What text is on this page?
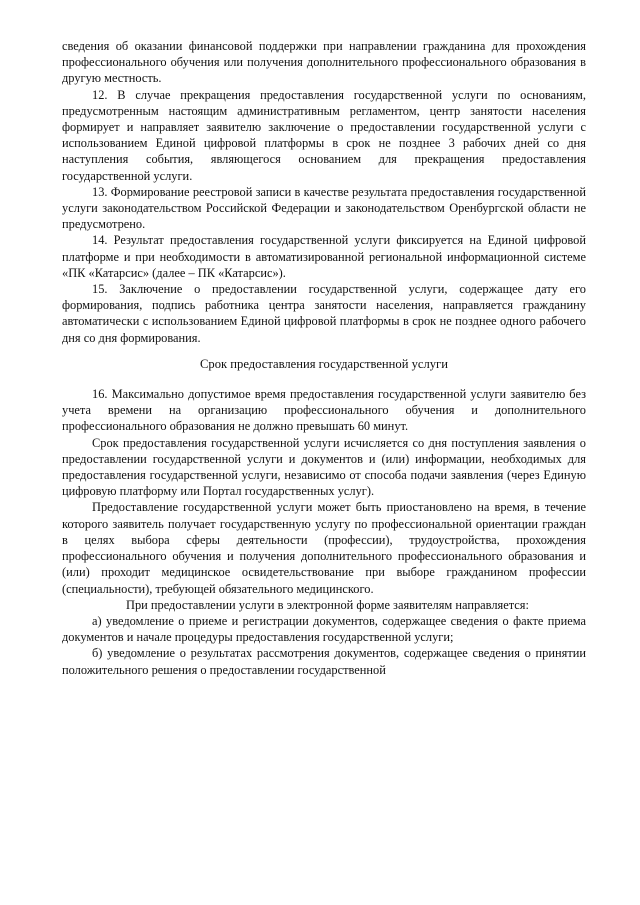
сведения об оказании финансовой поддержки при направлении гражданина для прохождения профессионального обучения или получения дополнительного профессионального образования в другую местность.

12. В случае прекращения предоставления государственной услуги по основаниям, предусмотренным настоящим административным регламентом, центр занятости населения формирует и направляет заявителю заключение о предоставлении государственной услуги с использованием Единой цифровой платформы в срок не позднее 3 рабочих дней со дня наступления события, являющегося основанием для прекращения предоставления государственной услуги.

13. Формирование реестровой записи в качестве результата предоставления государственной услуги законодательством Российской Федерации и законодательством Оренбургской области не предусмотрено.

14. Результат предоставления государственной услуги фиксируется на Единой цифровой платформе и при необходимости в автоматизированной региональной информационной системе «ПК «Катарсис» (далее – ПК «Катарсис»).

15. Заключение о предоставлении государственной услуги, содержащее дату его формирования, подпись работника центра занятости населения, направляется гражданину автоматически с использованием Единой цифровой платформы в срок не позднее одного рабочего дня со дня формирования.

Срок предоставления государственной услуги

16. Максимально допустимое время предоставления государственной услуги заявителю без учета времени на организацию профессионального обучения и дополнительного профессионального образования не должно превышать 60 минут.

Срок предоставления государственной услуги исчисляется со дня поступления заявления о предоставлении государственной услуги и документов и (или) информации, необходимых для предоставления государственной услуги, независимо от способа подачи заявления (через Единую цифровую платформу или Портал государственных услуг).

Предоставление государственной услуги может быть приостановлено на время, в течение которого заявитель получает государственную услугу по профессиональной ориентации граждан в целях выбора сферы деятельности (профессии), трудоустройства, прохождения профессионального обучения и получения дополнительного профессионального образования и (или) проходит медицинское освидетельствование при выборе гражданином профессии (специальности), требующей обязательного медицинского.

При предоставлении услуги в электронной форме заявителям направляется:

а) уведомление о приеме и регистрации документов, содержащее сведения о факте приема документов и начале процедуры предоставления государственной услуги;

б) уведомление о результатах рассмотрения документов, содержащее сведения о принятии положительного решения о предоставлении государственной
